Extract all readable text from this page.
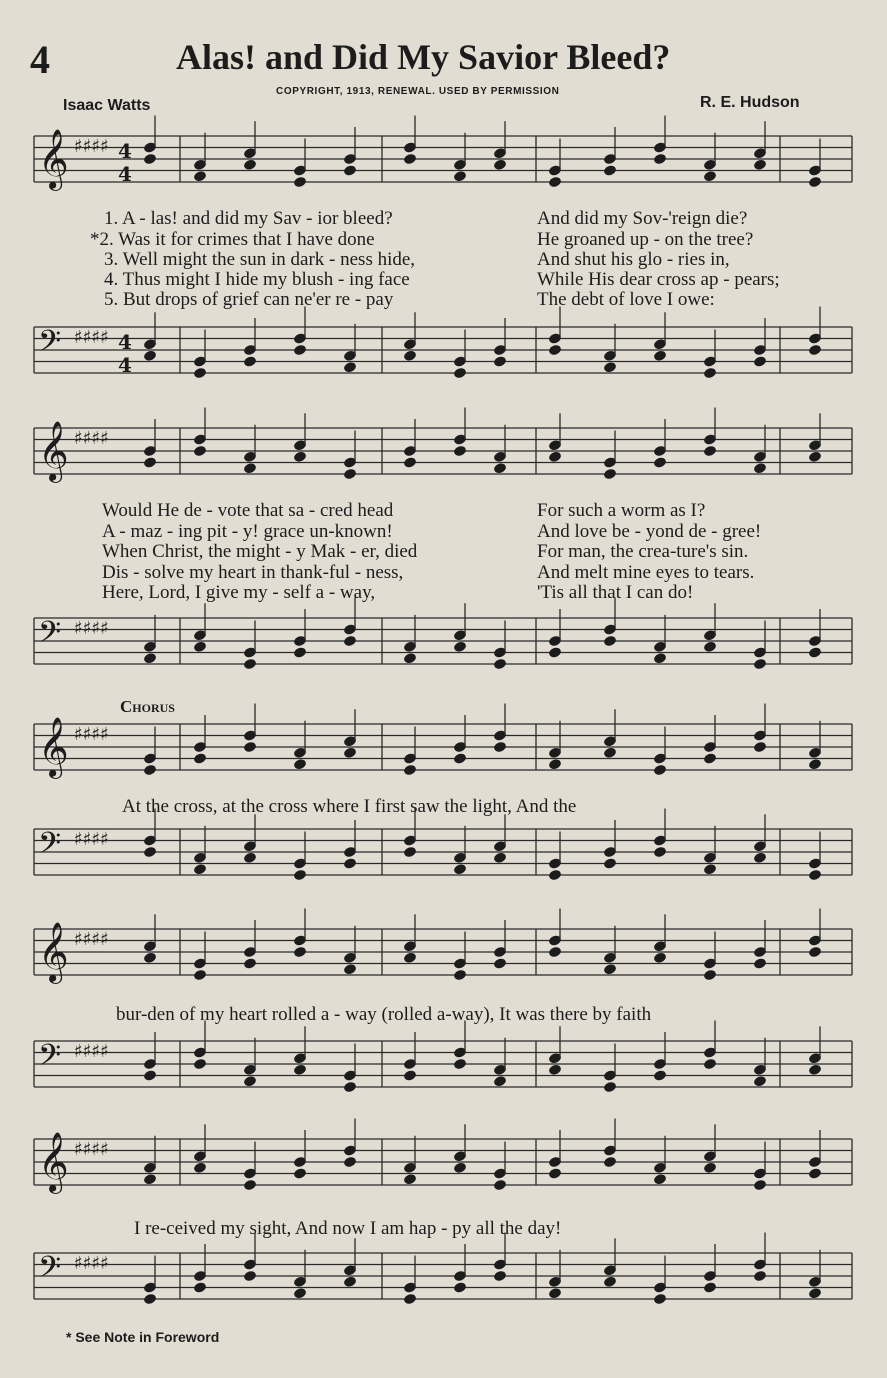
4	Alas! and Did My Savior Bleed?
COPYRIGHT, 1913, RENEWAL. USED BY PERMISSION
Isaac Watts	R. E. Hudson
𝄞 ♯♯♯♯
𝄢 ♯♯♯♯
𝄞 ♯♯♯♯
𝄢 ♯♯♯♯
𝄞 ♯♯♯♯
𝄢 ♯♯♯♯
𝄞 ♯♯♯♯
𝄢 ♯♯♯♯
𝄞 ♯♯♯♯
𝄢 ♯♯♯♯
4
4
4
4
1. A - las! and did my Sav - ior bleed?	And did my Sov-'reign die?
*2. Was it for crimes that I have done	He groaned up - on the tree?
3. Well might the sun in dark - ness hide,	And shut his glo - ries in,
4. Thus might I hide my blush - ing face	While His dear cross ap - pears;
5. But drops of grief can ne'er re - pay	The debt of love I owe:
Would He de - vote that sa - cred head	For such a worm as I?
A - maz - ing pit - y! grace un-known!	And love be - yond de - gree!
When Christ, the might - y Mak - er, died	For man, the crea-ture's sin.
Dis - solve my heart in thank-ful - ness,	And melt mine eyes to tears.
Here, Lord, I give my - self a - way,	'Tis all that I can do!
Chorus
At the cross, at the cross where I first saw the light, And the
bur-den of my heart rolled a - way (rolled a-way), It was there by faith
I re-ceived my sight, And now I am hap - py all the day!
* See Note in Foreword
